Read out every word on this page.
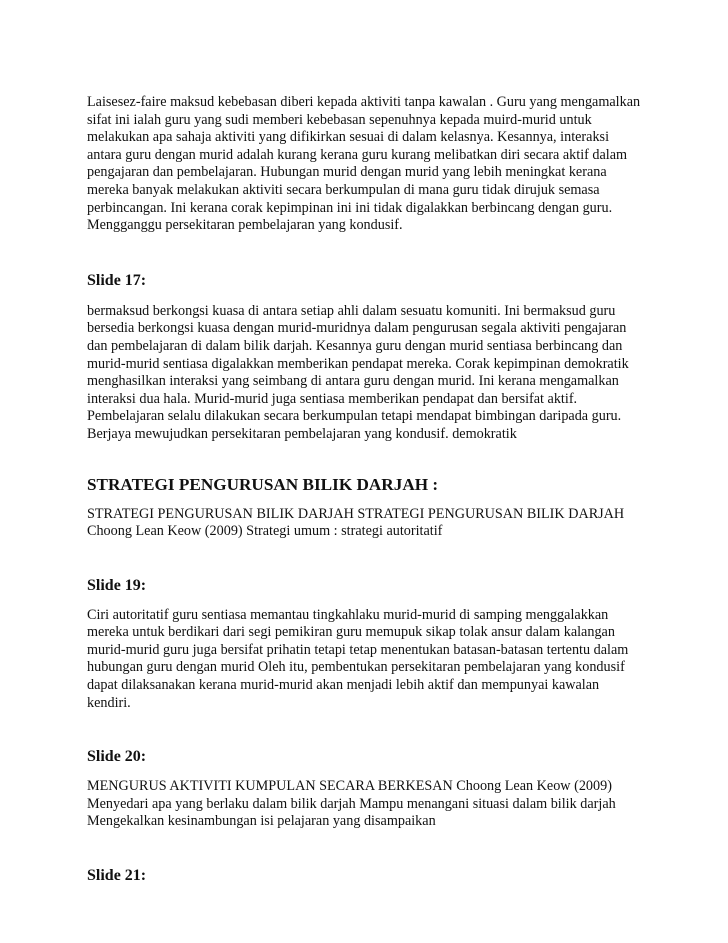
Laisesez-faire maksud kebebasan diberi kepada aktiviti tanpa kawalan . Guru yang mengamalkan
sifat ini ialah guru yang sudi memberi kebebasan sepenuhnya kepada muird-murid untuk
melakukan apa sahaja aktiviti yang difikirkan sesuai di dalam kelasnya. Kesannya, interaksi
antara guru dengan murid adalah kurang kerana guru kurang melibatkan diri secara aktif dalam
pengajaran dan pembelajaran. Hubungan murid dengan murid yang lebih meningkat kerana
mereka banyak melakukan aktiviti secara berkumpulan di mana guru tidak dirujuk semasa
perbincangan. Ini kerana corak kepimpinan ini ini tidak digalakkan berbincang dengan guru.
Mengganggu persekitaran pembelajaran yang kondusif.

Slide 17:

bermaksud berkongsi kuasa di antara setiap ahli dalam sesuatu komuniti. Ini bermaksud guru
bersedia berkongsi kuasa dengan murid-muridnya dalam pengurusan segala aktiviti pengajaran
dan pembelajaran di dalam bilik darjah. Kesannya guru dengan murid sentiasa berbincang dan
murid-murid sentiasa digalakkan memberikan pendapat mereka. Corak kepimpinan demokratik
menghasilkan interaksi yang seimbang di antara guru dengan murid. Ini kerana mengamalkan
interaksi dua hala. Murid-murid juga sentiasa memberikan pendapat dan bersifat aktif.
Pembelajaran selalu dilakukan secara berkumpulan tetapi mendapat bimbingan daripada guru.
Berjaya mewujudkan persekitaran pembelajaran yang kondusif. demokratik

STRATEGI PENGURUSAN BILIK DARJAH :

STRATEGI PENGURUSAN BILIK DARJAH STRATEGI PENGURUSAN BILIK DARJAH
Choong Lean Keow (2009) Strategi umum : strategi autoritatif

Slide 19:

Ciri autoritatif guru sentiasa memantau tingkahlaku murid-murid di samping menggalakkan
mereka untuk berdikari dari segi pemikiran guru memupuk sikap tolak ansur dalam kalangan
murid-murid guru juga bersifat prihatin tetapi tetap menentukan batasan-batasan tertentu dalam
hubungan guru dengan murid Oleh itu, pembentukan persekitaran pembelajaran yang kondusif
dapat dilaksanakan kerana murid-murid akan menjadi lebih aktif dan mempunyai kawalan
kendiri.

Slide 20:

MENGURUS AKTIVITI KUMPULAN SECARA BERKESAN Choong Lean Keow (2009)
Menyedari apa yang berlaku dalam bilik darjah Mampu menangani situasi dalam bilik darjah
Mengekalkan kesinambungan isi pelajaran yang disampaikan

Slide 21:
